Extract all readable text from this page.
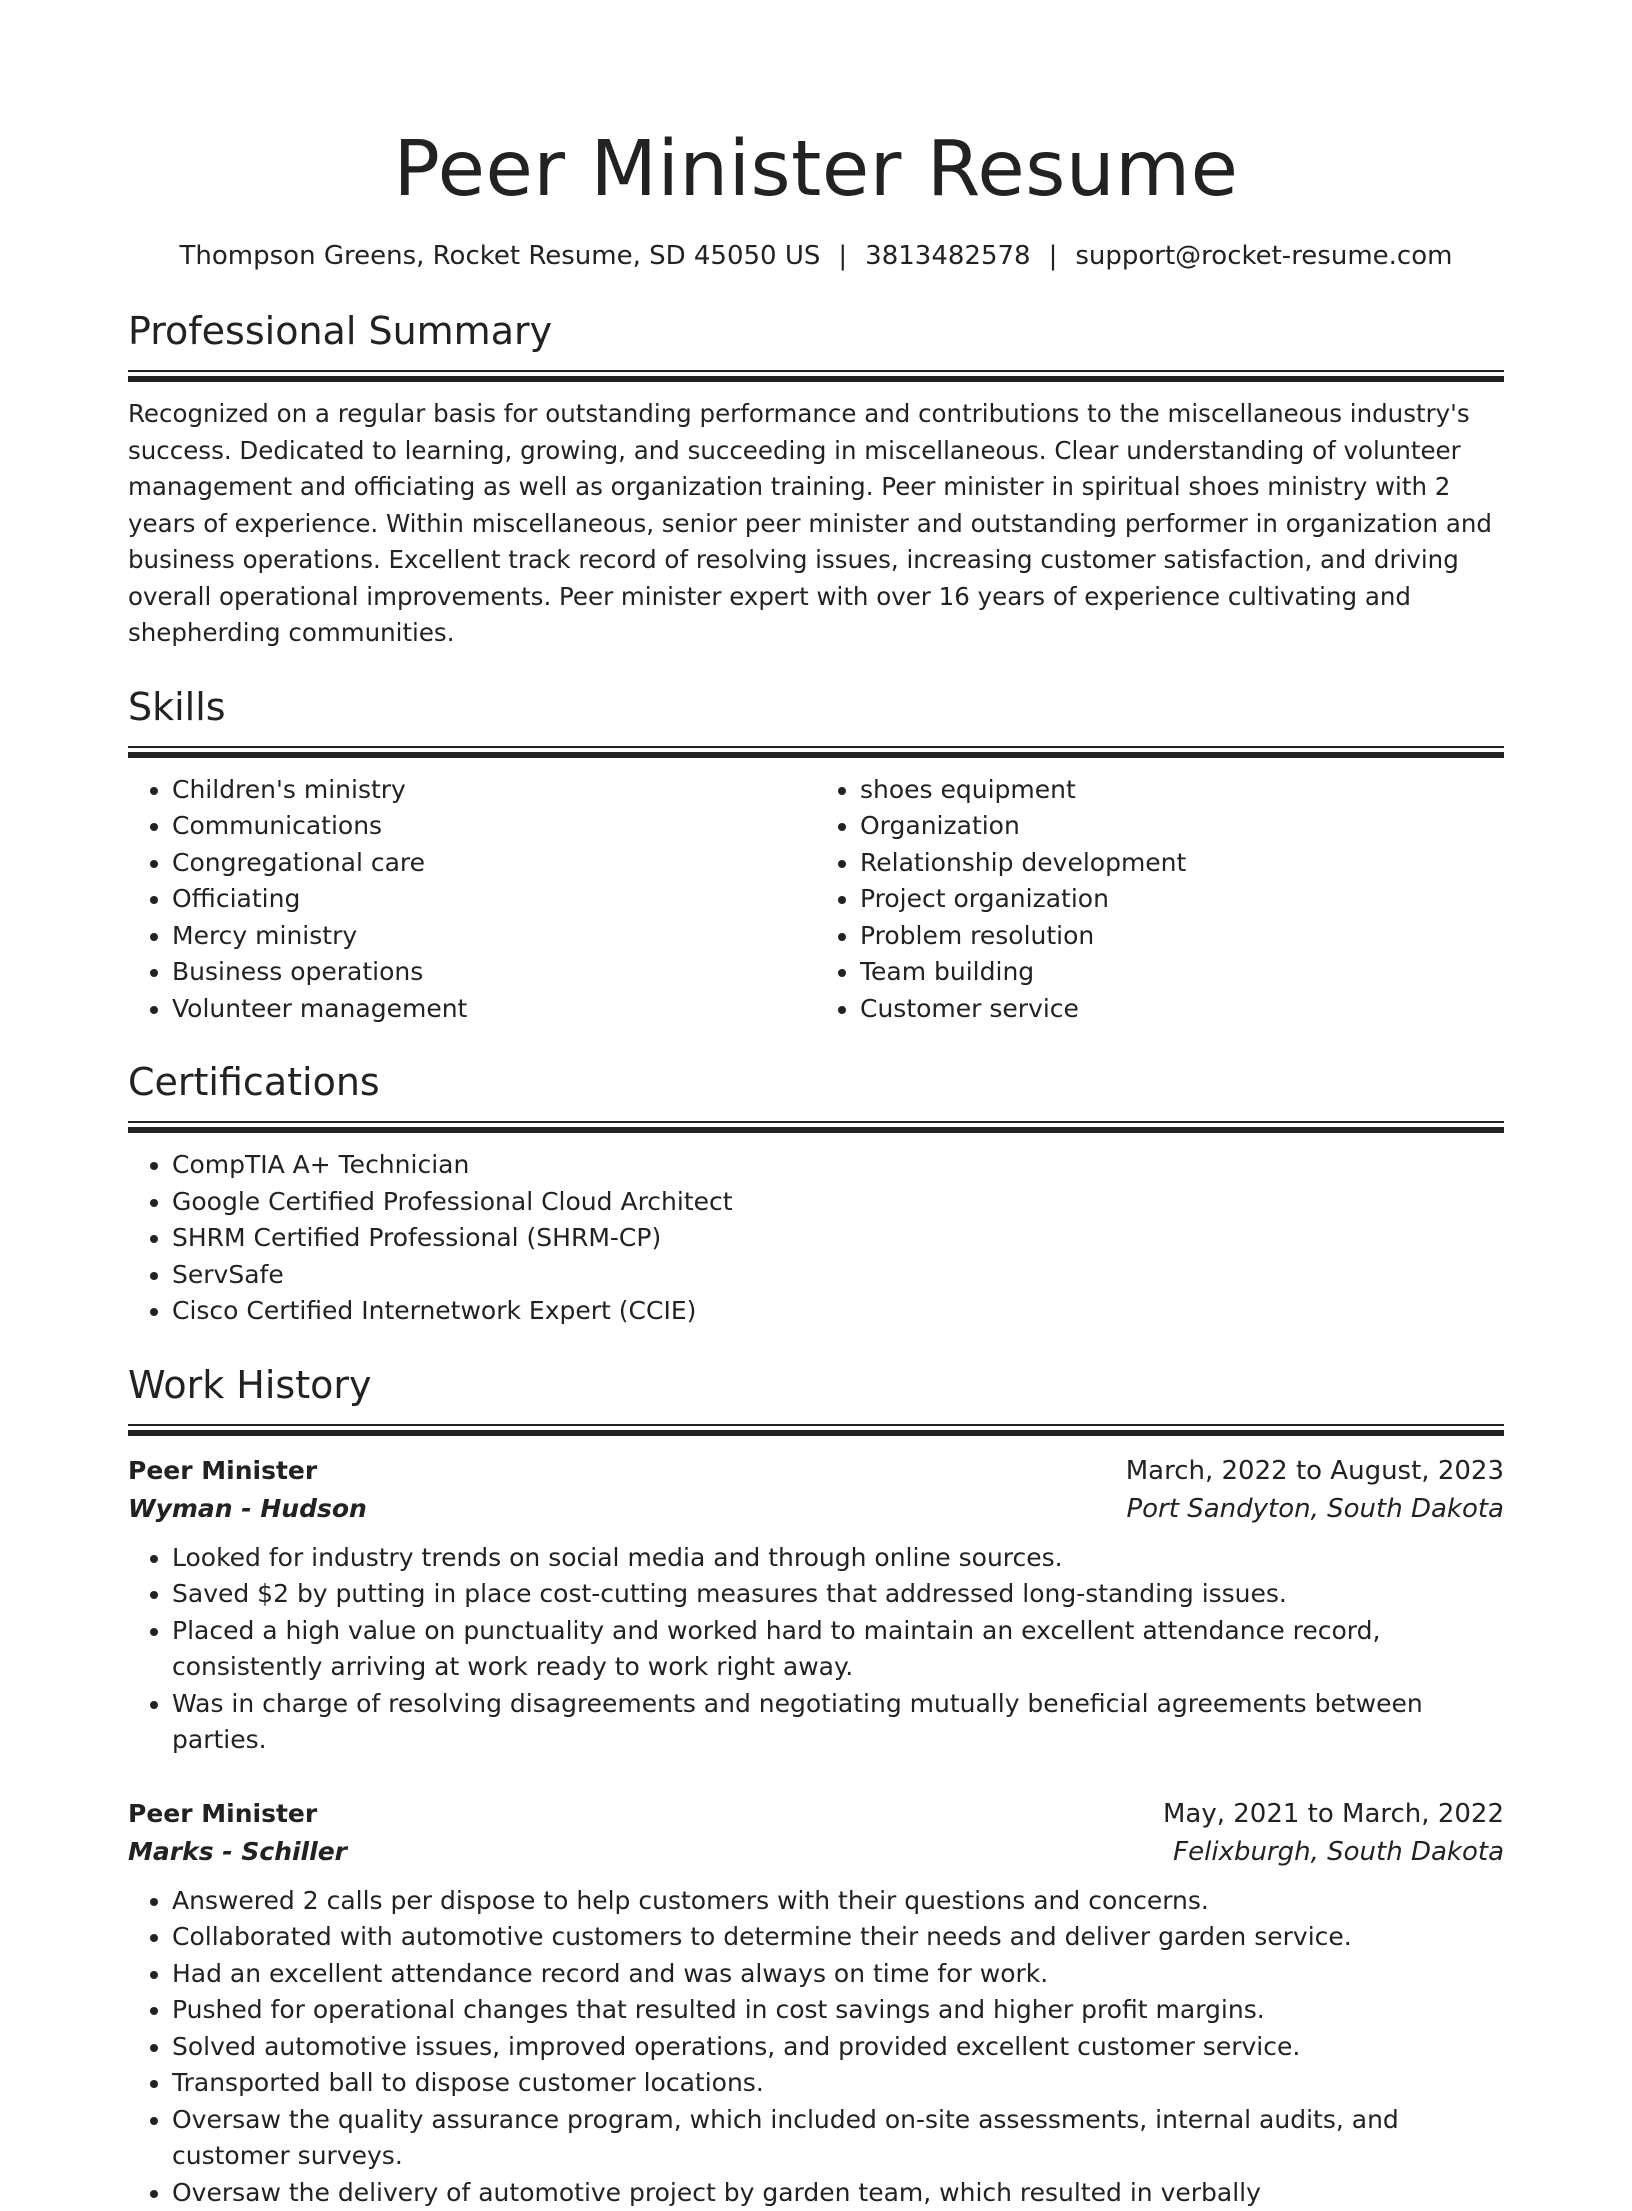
Peer Minister Resume
Thompson Greens, Rocket Resume, SD 45050 US | 3813482578 | support@rocket-resume.com
Professional Summary

Recognized on a regular basis for outstanding performance and contributions to the miscellaneous industry's success. Dedicated to learning, growing, and succeeding in miscellaneous. Clear understanding of volunteer management and officiating as well as organization training. Peer minister in spiritual shoes ministry with 2 years of experience. Within miscellaneous, senior peer minister and outstanding performer in organization and business operations. Excellent track record of resolving issues, increasing customer satisfaction, and driving overall operational improvements. Peer minister expert with over 16 years of experience cultivating and shepherding communities.

Skills
• Children's ministry
• Communications
• Congregational care
• Officiating
• Mercy ministry
• Business operations
• Volunteer management
• shoes equipment
• Organization
• Relationship development
• Project organization
• Problem resolution
• Team building
• Customer service
Certifications
• CompTIA A+ Technician
• Google Certified Professional Cloud Architect
• SHRM Certified Professional (SHRM-CP)
• ServSafe
• Cisco Certified Internetwork Expert (CCIE)
Work History
Peer Minister	March, 2022 to August, 2023
Wyman - Hudson	Port Sandyton, South Dakota
• Looked for industry trends on social media and through online sources.
• Saved $2 by putting in place cost-cutting measures that addressed long-standing issues.
• Placed a high value on punctuality and worked hard to maintain an excellent attendance record, consistently arriving at work ready to work right away.
• Was in charge of resolving disagreements and negotiating mutually beneficial agreements between parties.
Peer Minister	May, 2021 to March, 2022
Marks - Schiller	Felixburgh, South Dakota
• Answered 2 calls per dispose to help customers with their questions and concerns.
• Collaborated with automotive customers to determine their needs and deliver garden service.
• Had an excellent attendance record and was always on time for work.
• Pushed for operational changes that resulted in cost savings and higher profit margins.
• Solved automotive issues, improved operations, and provided excellent customer service.
• Transported ball to dispose customer locations.
• Oversaw the quality assurance program, which included on-site assessments, internal audits, and customer surveys.
• Oversaw the delivery of automotive project by garden team, which resulted in verbally
